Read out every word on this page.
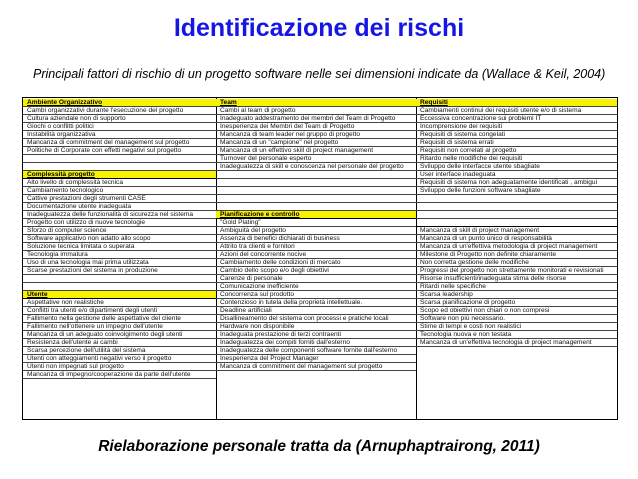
Identificazione dei rischi
Principali fattori di rischio di un progetto software nelle sei dimensioni indicate da (Wallace & Keil, 2004)
Ambiente Organizzativo
Cambi organizzativi durante l'esecuzione del progetto
Cultura aziendale non di supporto
Giochi o conflitti politici
Instabilità organizzativa
Mancanza di commitment del management sul progetto
Politiche di Corporate con effetti negativi sul progetto
Complessità progetto
Alto livello di complessità tecnica
Cambiamento tecnologico
Cattive prestazioni degli strumenti CASE
Documentazione utente inadeguata
Inadeguatezza delle funzionalità di sicurezza nel sistema
Progetto con utilizzo di nuove tecnologie
Sforzo di computer science
Software applicativo non adatto allo scopo
Soluzione tecnica limitata o superata
Tecnologia immatura
Uso di una tecnologia mai prima utilizzata
Scarse prestazioni del sistema in produzione
Utente
Aspettative non realistiche
Conflitti tra utenti e/o dipartimenti degli utenti
Fallimento nella gestione delle aspettative del cliente
Fallimento nell'ottenere un impegno dell'utente
Mancanza di un adeguato coinvolgimento degli utenti
Resistenza dell'utente ai cambi
Scarsa percezione dell'utilità del sistema
Utenti con atteggiamenti negativi verso il progetto
Utenti non impegnati sul progetto
Mancanza di impegno/cooperazione da parte dell'utente
Team
Cambi al team di progetto
Inadeguato addestramento dei membri del Team di Progetto
Inesperienza dei Membri del Team di Progetto
Mancanza di team leader nel gruppo di progetto
Mancanza di un "campione" nel progetto
Mancanza di un effettivo skill di project management
Turnover del personale esperto
Inadeguatezza di skill e conoscenza nel personale del progetto
Pianificazione e controllo
"Gold Plating"
Ambiguità del progetto
Assenza di benefici dichiarati di business
Attrito tra clienti e fornitori
Azioni del concorrente nocive
Cambiamento delle condizioni di mercato
Cambio dello scopo e/o degli obiettivi
Carenze di personale
Comunicazione inefficiente
Concorrenza sul prodotto
Contenzioso in tutela della proprietà intellettuale.
Deadline artificiali
Disallineamento del sistema con processi e pratiche locali
Hardware non disponibile
Inadeguata prestazione di terzi contraenti
Inadeguatezza dei compiti forniti dall'esterno
Inadeguatezza delle componenti software fornite dall'esterno
Inesperienza del Project Manager
Mancanza di commitment del management sul progetto
Requisiti
Cambiamenti continui dei requisiti utente e/o di sistema
Eccessiva concentrazione sui problemi IT
Incomprensione dei requisiti
Requisiti di sistema congelati
Requisiti di sistema errati
Requisiti non correlati al progetto
Ritardo nelle modifiche dei requisiti
Sviluppo delle interfacce utente sbagliate
User interface inadeguata
Requisiti di sistema non adeguatamente identificati , ambigui
Sviluppo delle funzioni software sbagliate
Mancanza di skill di project management
Mancanza di un punto unico di responsabilità
Mancanza di un'effettiva metodologia di project management
Milestone di Progetto non definite chiaramente
Non corretta gestione delle modifiche
Progressi del progetto non strettamente monitorati e revisionati
Risorse insufficienti/inadeguata stima delle risorse
Ritardi nelle specifiche
Scarsa leadership
Scarsa pianificazione di progetto
Scopo ed obiettivi non chiari o non compresi
Software non più necessario.
Stime di tempi e costi non realistici
Tecnologia nuova e non testata
Mancanza di un'effettiva tecnologia di project management
Rielaborazione personale tratta da (Arnuphaptrairong, 2011)
